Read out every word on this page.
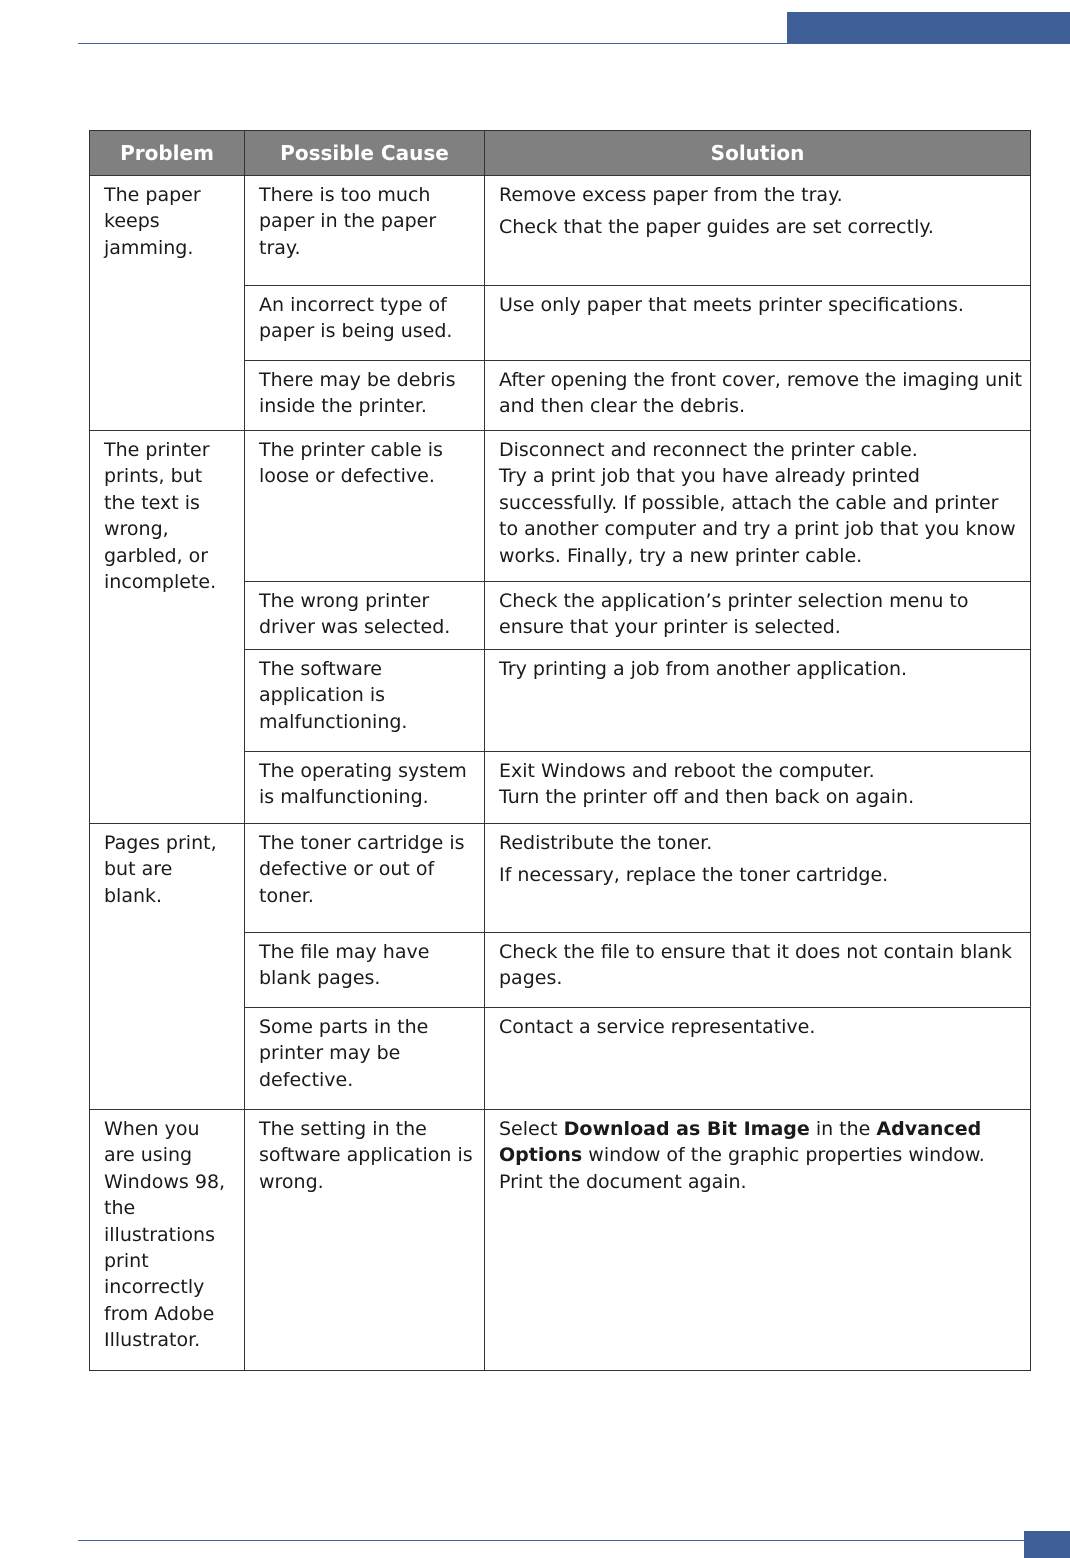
Problem	Possible Cause	Solution
The paper keeps jamming.	There is too much paper in the paper tray.	Remove excess paper from the tray.
Check that the paper guides are set correctly.

	An incorrect type of paper is being used.	Use only paper that meets printer specifications.

	There may be debris inside the printer.	After opening the front cover, remove the imaging unit and then clear the debris.

The printer prints, but the text is wrong, garbled, or incomplete.	The printer cable is loose or defective.	Disconnect and reconnect the printer cable.
Try a print job that you have already printed successfully. If possible, attach the cable and printer to another computer and try a print job that you know works. Finally, try a new printer cable.

	The wrong printer driver was selected.	Check the application’s printer selection menu to ensure that your printer is selected.

	The software application is malfunctioning.	Try printing a job from another application.

	The operating system is malfunctioning.	Exit Windows and reboot the computer.
Turn the printer off and then back on again.

Pages print, but are blank.	The toner cartridge is defective or out of toner.	Redistribute the toner.
If necessary, replace the toner cartridge.

	The file may have blank pages.	Check the file to ensure that it does not contain blank pages.

	Some parts in the printer may be defective.	Contact a service representative.

When you are using Windows 98, the illustrations print incorrectly from Adobe Illustrator.	The setting in the software application is wrong.	Select Download as Bit Image in the Advanced Options window of the graphic properties window.
Print the document again.
